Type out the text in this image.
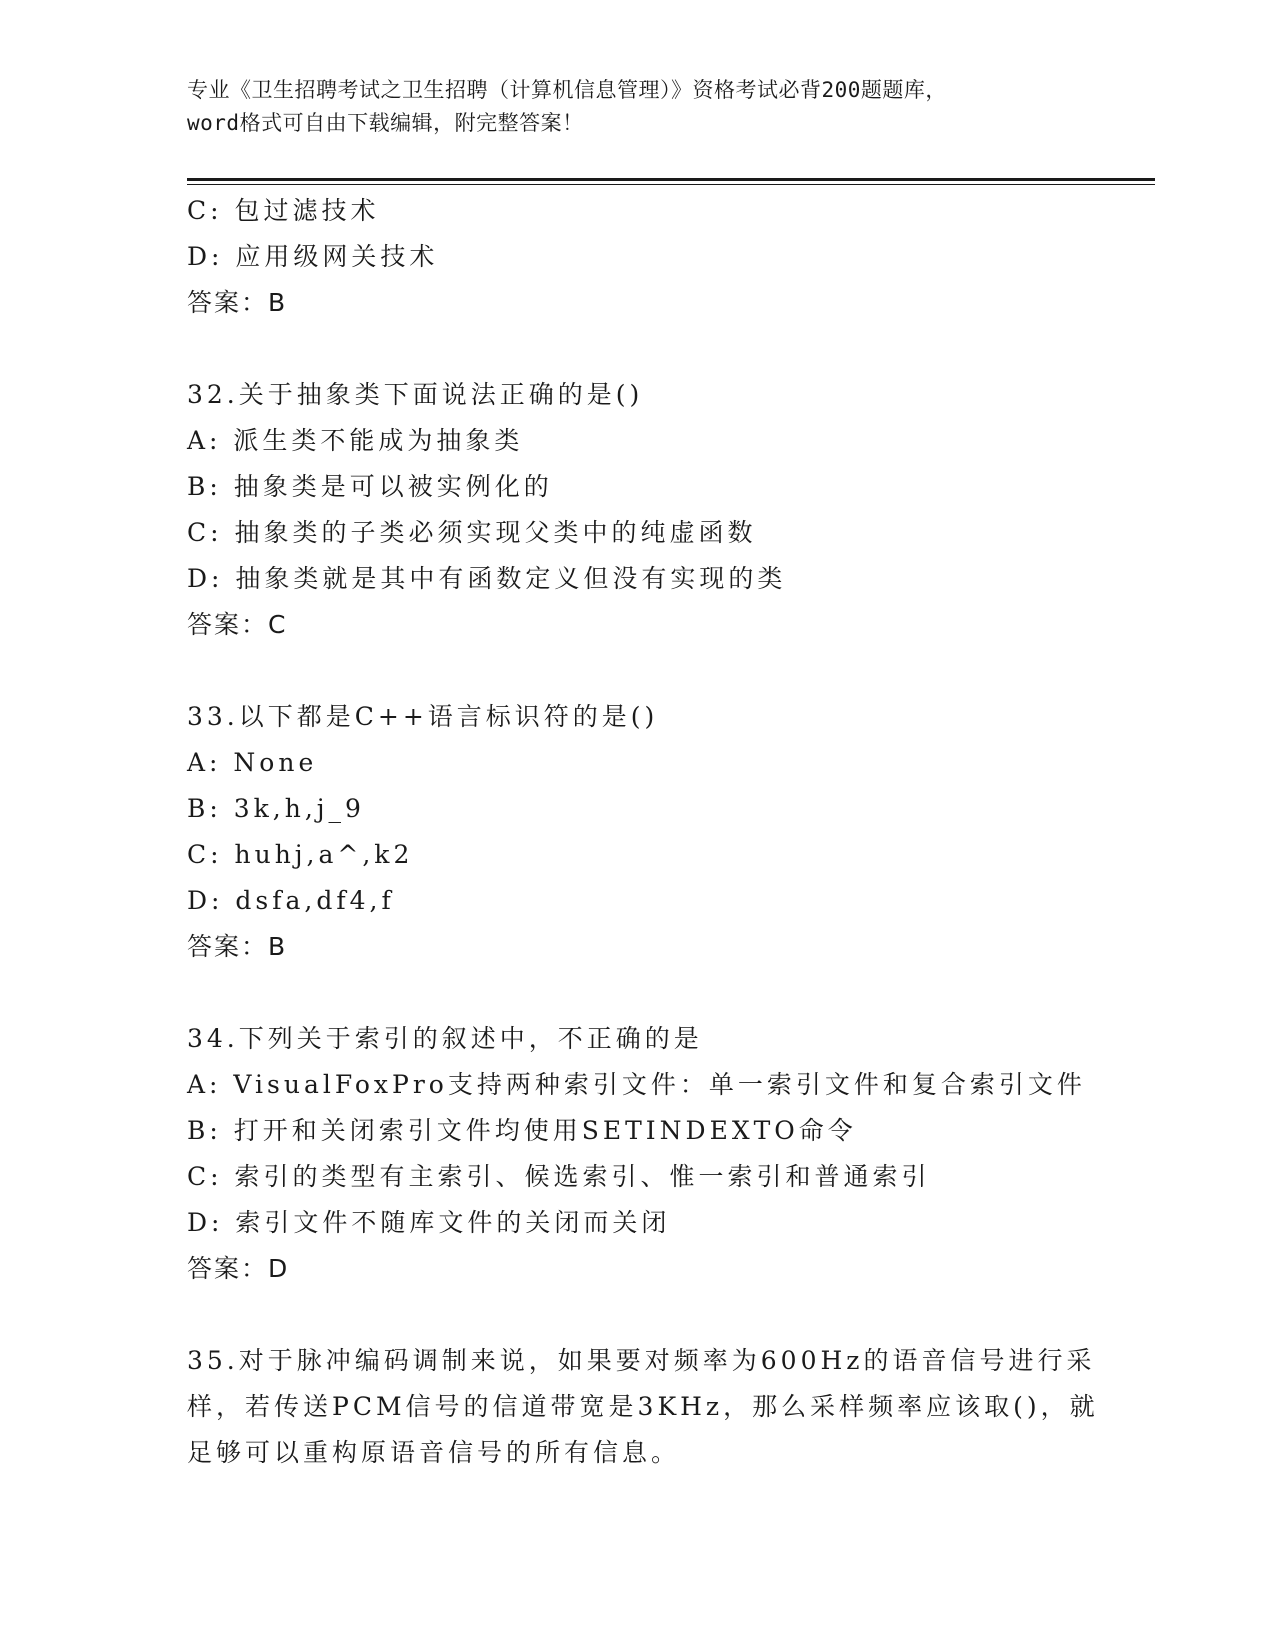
专业《卫生招聘考试之卫生招聘（计算机信息管理）》资格考试必背200题题库，
word格式可自由下载编辑，附完整答案！
C: 包过滤技术
D: 应用级网关技术
答案：B
32.关于抽象类下面说法正确的是()
A: 派生类不能成为抽象类
B: 抽象类是可以被实例化的
C: 抽象类的子类必须实现父类中的纯虚函数
D: 抽象类就是其中有函数定义但没有实现的类
答案：C
33.以下都是C++语言标识符的是()
A: None
B: 3k,h,j_9
C: huhj,a^,k2
D: dsfa,df4,f
答案：B
34.下列关于索引的叙述中，不正确的是
A: VisualFoxPro支持两种索引文件：单一索引文件和复合索引文件
B: 打开和关闭索引文件均使用SETINDEXTO命令
C: 索引的类型有主索引、候选索引、惟一索引和普通索引
D: 索引文件不随库文件的关闭而关闭
答案：D
35.对于脉冲编码调制来说，如果要对频率为600Hz的语音信号进行采
样，若传送PCM信号的信道带宽是3KHz，那么采样频率应该取()，就
足够可以重构原语音信号的所有信息。
